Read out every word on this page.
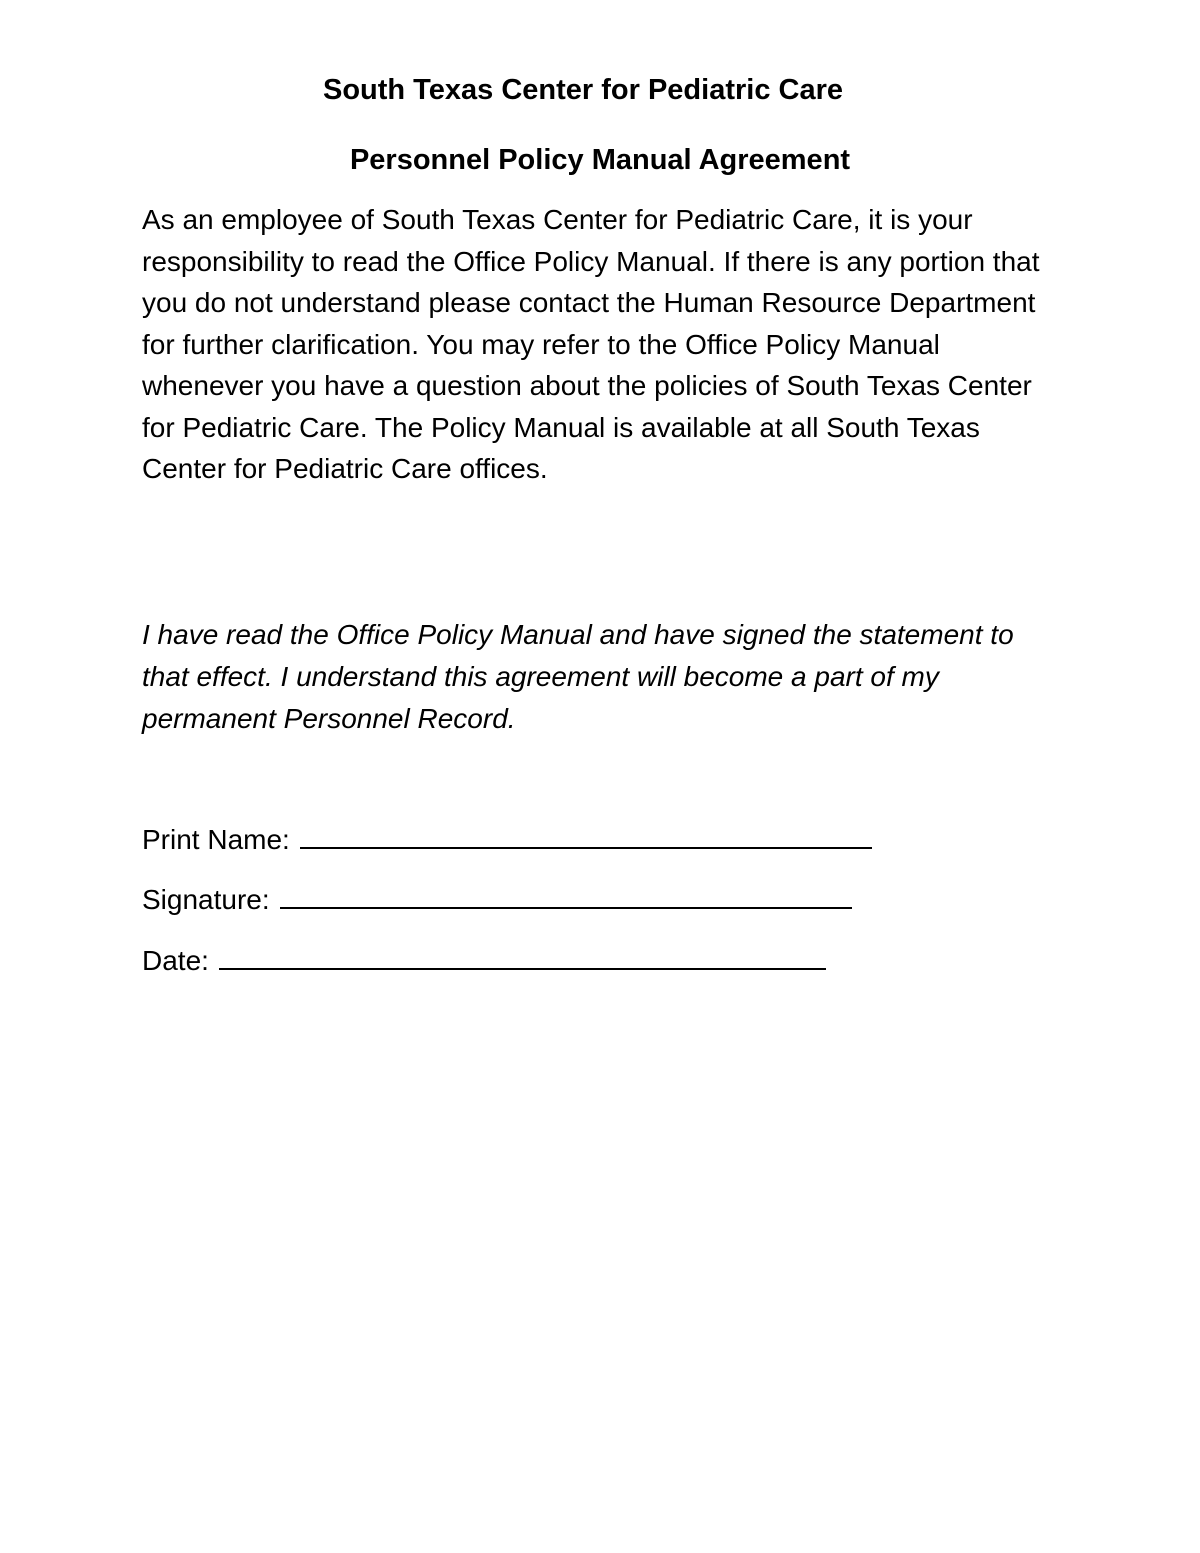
South Texas Center for Pediatric Care
Personnel Policy Manual Agreement

As an employee of South Texas Center for Pediatric Care, it is your responsibility to read the Office Policy Manual. If there is any portion that you do not understand please contact the Human Resource Department for further clarification. You may refer to the Office Policy Manual whenever you have a question about the policies of South Texas Center for Pediatric Care. The Policy Manual is available at all South Texas Center for Pediatric Care offices.

I have read the Office Policy Manual and have signed the statement to that effect. I understand this agreement will become a part of my permanent Personnel Record.

Print Name:
Signature:
Date:
